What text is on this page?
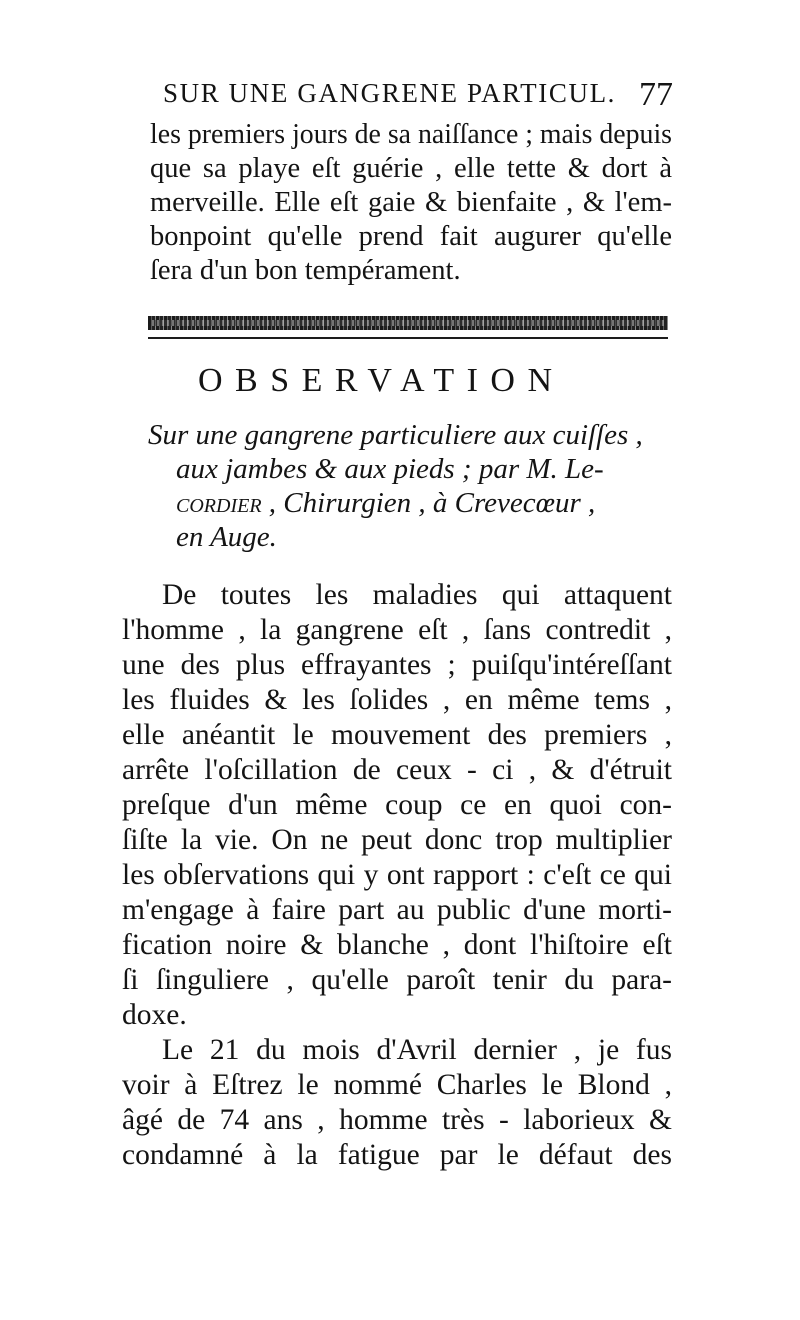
SUR UNE GANGRENE PARTICUL. 77
les premiers jours de sa naiſſance ; mais depuis
que sa playe eſt guérie , elle tette & dort à
merveille. Elle eſt gaie & bienfaite , & l'em-
bonpoint qu'elle prend fait augurer qu'elle
ſera d'un bon tempérament.
OBSERVATION
Sur une gangrene particuliere aux cuiſſes ,
aux jambes & aux pieds ; par M. Le-
cordier , Chirurgien , à Crevecœur ,
en Auge.
De toutes les maladies qui attaquent
l'homme , la gangrene eſt , ſans contredit ,
une des plus effrayantes ; puiſqu'intéreſſant
les fluides & les ſolides , en même tems ,
elle anéantit le mouvement des premiers ,
arrête l'oſcillation de ceux - ci , & d'étruit
preſque d'un même coup ce en quoi con-
ſiſte la vie. On ne peut donc trop multiplier
les obſervations qui y ont rapport : c'eſt ce qui
m'engage à faire part au public d'une morti-
fication noire & blanche , dont l'hiſtoire eſt
ſi ſinguliere , qu'elle paroît tenir du para-
doxe.
Le 21 du mois d'Avril dernier , je fus
voir à Eſtrez le nommé Charles le Blond ,
âgé de 74 ans , homme très - laborieux &
condamné à la fatigue par le défaut des
